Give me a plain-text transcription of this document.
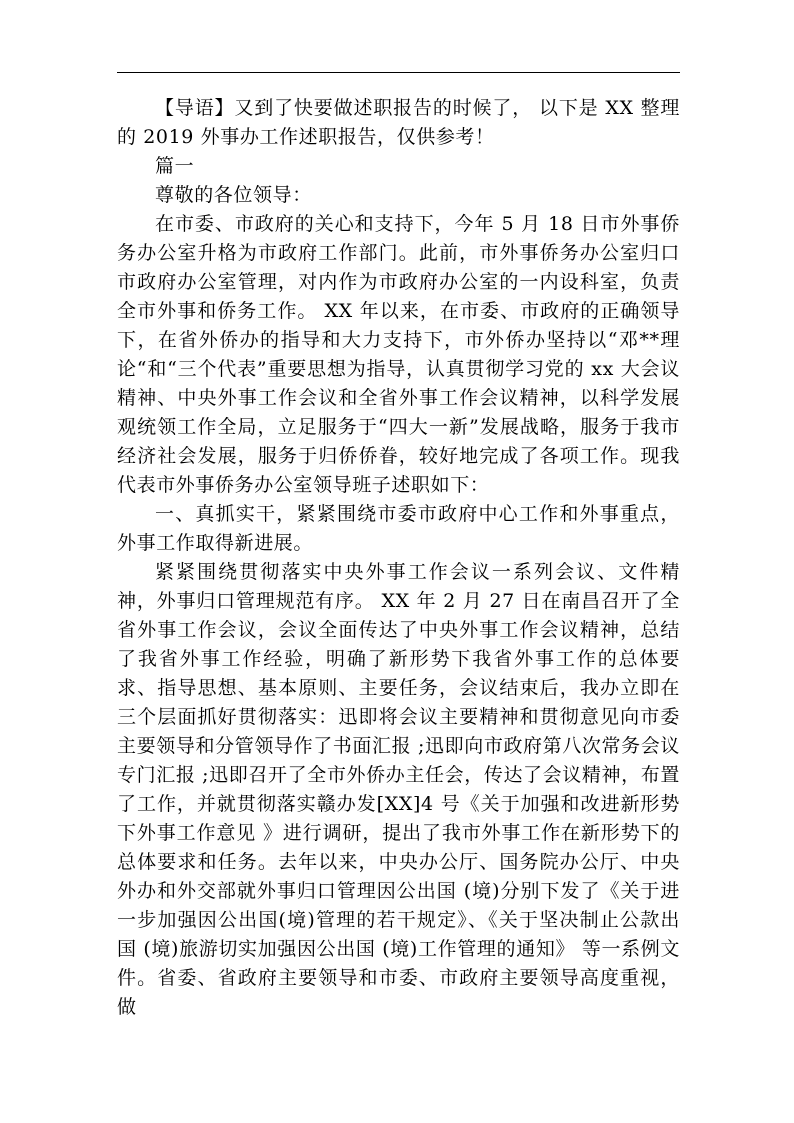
【导语】又到了快要做述职报告的时候了， 以下是 XX 整理的 2019 外事办工作述职报告，仅供参考！

篇一

尊敬的各位领导：

在市委、市政府的关心和支持下，今年 5 月 18 日市外事侨务办公室升格为市政府工作部门。此前，市外事侨务办公室归口市政府办公室管理，对内作为市政府办公室的一内设科室，负责全市外事和侨务工作。 XX 年以来，在市委、市政府的正确领导下，在省外侨办的指导和大力支持下，市外侨办坚持以“邓**理论“和“三个代表”重要思想为指导，认真贯彻学习党的 xx 大会议精神、中央外事工作会议和全省外事工作会议精神，以科学发展观统领工作全局，立足服务于“四大一新”发展战略，服务于我市经济社会发展，服务于归侨侨眷，较好地完成了各项工作。现我代表市外事侨务办公室领导班子述职如下：

一、真抓实干，紧紧围绕市委市政府中心工作和外事重点，外事工作取得新进展。

紧紧围绕贯彻落实中央外事工作会议一系列会议、文件精神，外事归口管理规范有序。 XX 年 2 月 27 日在南昌召开了全省外事工作会议，会议全面传达了中央外事工作会议精神，总结了我省外事工作经验，明确了新形势下我省外事工作的总体要求、指导思想、基本原则、主要任务，会议结束后，我办立即在三个层面抓好贯彻落实：迅即将会议主要精神和贯彻意见向市委主要领导和分管领导作了书面汇报 ;迅即向市政府第八次常务会议专门汇报 ;迅即召开了全市外侨办主任会，传达了会议精神，布置了工作，并就贯彻落实赣办发[XX]4 号《关于加强和改进新形势下外事工作意见 》进行调研，提出了我市外事工作在新形势下的总体要求和任务。去年以来，中央办公厅、国务院办公厅、中央外办和外交部就外事归口管理因公出国 (境)分别下发了《关于进一步加强因公出国(境)管理的若干规定》、《关于坚决制止公款出国 (境)旅游切实加强因公出国 (境)工作管理的通知》 等一系例文件。省委、省政府主要领导和市委、市政府主要领导高度重视，做
